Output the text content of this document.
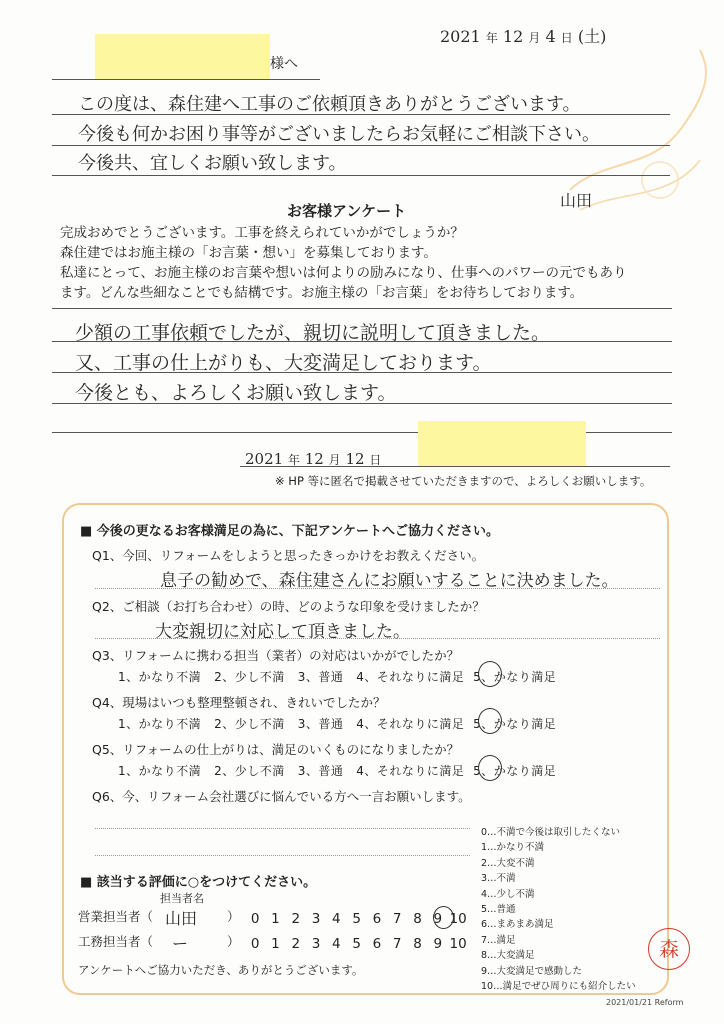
2021 年 12 月 4 日 (土)
様へ
この度は、森住建へ工事のご依頼頂きありがとうございます。
今後も何かお困り事等がございましたらお気軽にご相談下さい。
今後共、宜しくお願い致します。
山田
お客様アンケート
完成おめでとうございます。工事を終えられていかがでしょうか？
森住建ではお施主様の「お言葉・想い」を募集しております。
私達にとって、お施主様のお言葉や想いは何よりの励みになり、仕事へのパワーの元でもあり
ます。どんな些細なことでも結構です。お施主様の「お言葉」をお待ちしております。
少額の工事依頼でしたが、親切に説明して頂きました。
又、工事の仕上がりも、大変満足しております。
今後とも、よろしくお願い致します。
2021 年 12 月 12 日
※ HP 等に匿名で掲載させていただきますので、よろしくお願いします。
■ 今後の更なるお客様満足の為に、下記アンケートへご協力ください。
Q1、今回、リフォームをしようと思ったきっかけをお教えください。
息子の勧めで、森住建さんにお願いすることに決めました。
Q2、ご相談（お打ち合わせ）の時、どのような印象を受けましたか？
大変親切に対応して頂きました。
Q3、リフォームに携わる担当（業者）の対応はいかがでしたか？
1、かなり不満 2、少し不満 3、普通 4、それなりに満足 5、かなり満足
Q4、現場はいつも整理整頓され、きれいでしたか？
1、かなり不満 2、少し不満 3、普通 4、それなりに満足 5、かなり満足
Q5、リフォームの仕上がりは、満足のいくものになりましたか？
1、かなり不満 2、少し不満 3、普通 4、それなりに満足 5、かなり満足
Q6、今、リフォーム会社選びに悩んでいる方へ一言お願いします。
0…不満で今後は取引したくない
1…かなり不満
2…大変不満
3…不満
4…少し不満
5…普通
6…まあまあ満足
7…満足
8…大変満足
9…大変満足で感動した
10…満足でぜひ周りにも紹介したい
■ 該当する評価に○をつけてください。
担当者名
営業担当者（ 山田 ） 0 1 2 3 4 5 6 7 8 9 10
工務担当者（ ー	） 0 1 2 3 4 5 6 7 8 9 10
アンケートへご協力いただき、ありがとうございます。
森
2021/01/21 Reform
